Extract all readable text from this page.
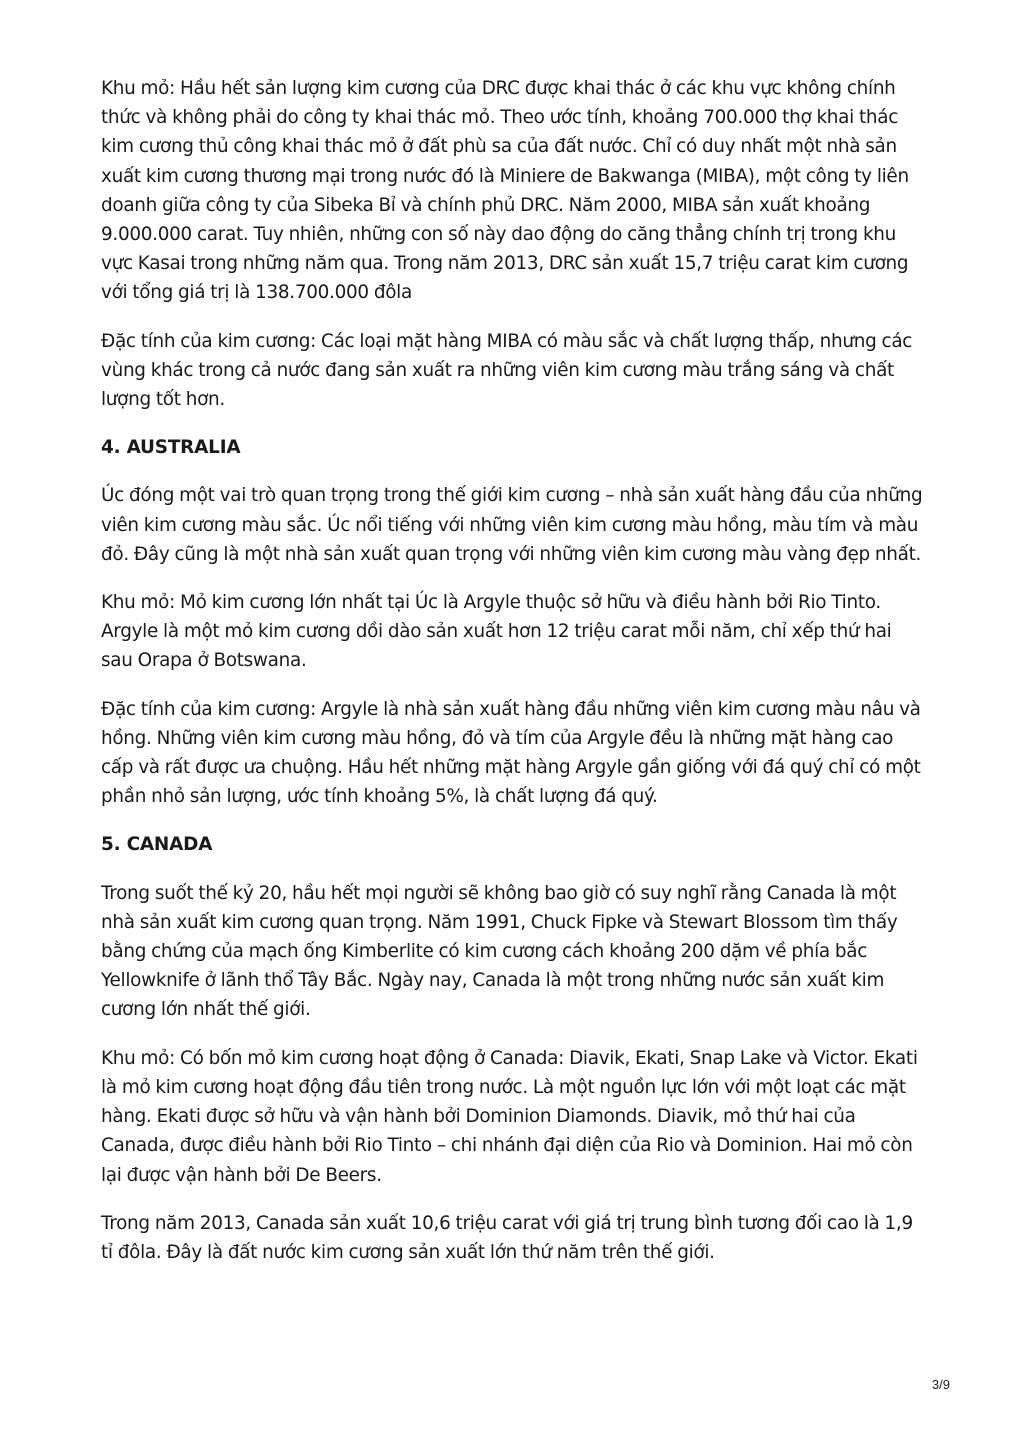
Khu mỏ: Hầu hết sản lượng kim cương của DRC được khai thác ở các khu vực không chính thức và không phải do công ty khai thác mỏ. Theo ước tính, khoảng 700.000 thợ khai thác kim cương thủ công khai thác mỏ ở đất phù sa của đất nước. Chỉ có duy nhất một nhà sản xuất kim cương thương mại trong nước đó là Miniere de Bakwanga (MIBA), một công ty liên doanh giữa công ty của Sibeka Bỉ và chính phủ DRC. Năm 2000, MIBA sản xuất khoảng 9.000.000 carat. Tuy nhiên, những con số này dao động do căng thẳng chính trị trong khu vực Kasai trong những năm qua. Trong năm 2013, DRC sản xuất 15,7 triệu carat kim cương với tổng giá trị là 138.700.000 đôla

Đặc tính của kim cương: Các loại mặt hàng MIBA có màu sắc và chất lượng thấp, nhưng các vùng khác trong cả nước đang sản xuất ra những viên kim cương màu trắng sáng và chất lượng tốt hơn.

4. AUSTRALIA

Úc đóng một vai trò quan trọng trong thế giới kim cương – nhà sản xuất hàng đầu của những viên kim cương màu sắc. Úc nổi tiếng với những viên kim cương màu hồng, màu tím và màu đỏ. Đây cũng là một nhà sản xuất quan trọng với những viên kim cương màu vàng đẹp nhất.

Khu mỏ: Mỏ kim cương lớn nhất tại Úc là Argyle thuộc sở hữu và điều hành bởi Rio Tinto. Argyle là một mỏ kim cương dồi dào sản xuất hơn 12 triệu carat mỗi năm, chỉ xếp thứ hai sau Orapa ở Botswana.

Đặc tính của kim cương: Argyle là nhà sản xuất hàng đầu những viên kim cương màu nâu và hồng. Những viên kim cương màu hồng, đỏ và tím của Argyle đều là những mặt hàng cao cấp và rất được ưa chuộng. Hầu hết những mặt hàng Argyle gần giống với đá quý chỉ có một phần nhỏ sản lượng, ước tính khoảng 5%, là chất lượng đá quý.

5. CANADA

Trong suốt thế kỷ 20, hầu hết mọi người sẽ không bao giờ có suy nghĩ rằng Canada là một nhà sản xuất kim cương quan trọng. Năm 1991, Chuck Fipke và Stewart Blossom tìm thấy bằng chứng của mạch ống Kimberlite có kim cương cách khoảng 200 dặm về phía bắc Yellowknife ở lãnh thổ Tây Bắc. Ngày nay, Canada là một trong những nước sản xuất kim cương lớn nhất thế giới.

Khu mỏ: Có bốn mỏ kim cương hoạt động ở Canada: Diavik, Ekati, Snap Lake và Victor. Ekati là mỏ kim cương hoạt động đầu tiên trong nước. Là một nguồn lực lớn với một loạt các mặt hàng. Ekati được sở hữu và vận hành bởi Dominion Diamonds. Diavik, mỏ thứ hai của Canada, được điều hành bởi Rio Tinto – chi nhánh đại diện của Rio và Dominion. Hai mỏ còn lại được vận hành bởi De Beers.

Trong năm 2013, Canada sản xuất 10,6 triệu carat với giá trị trung bình tương đối cao là 1,9 tỉ đôla. Đây là đất nước kim cương sản xuất lớn thứ năm trên thế giới.

3/9
